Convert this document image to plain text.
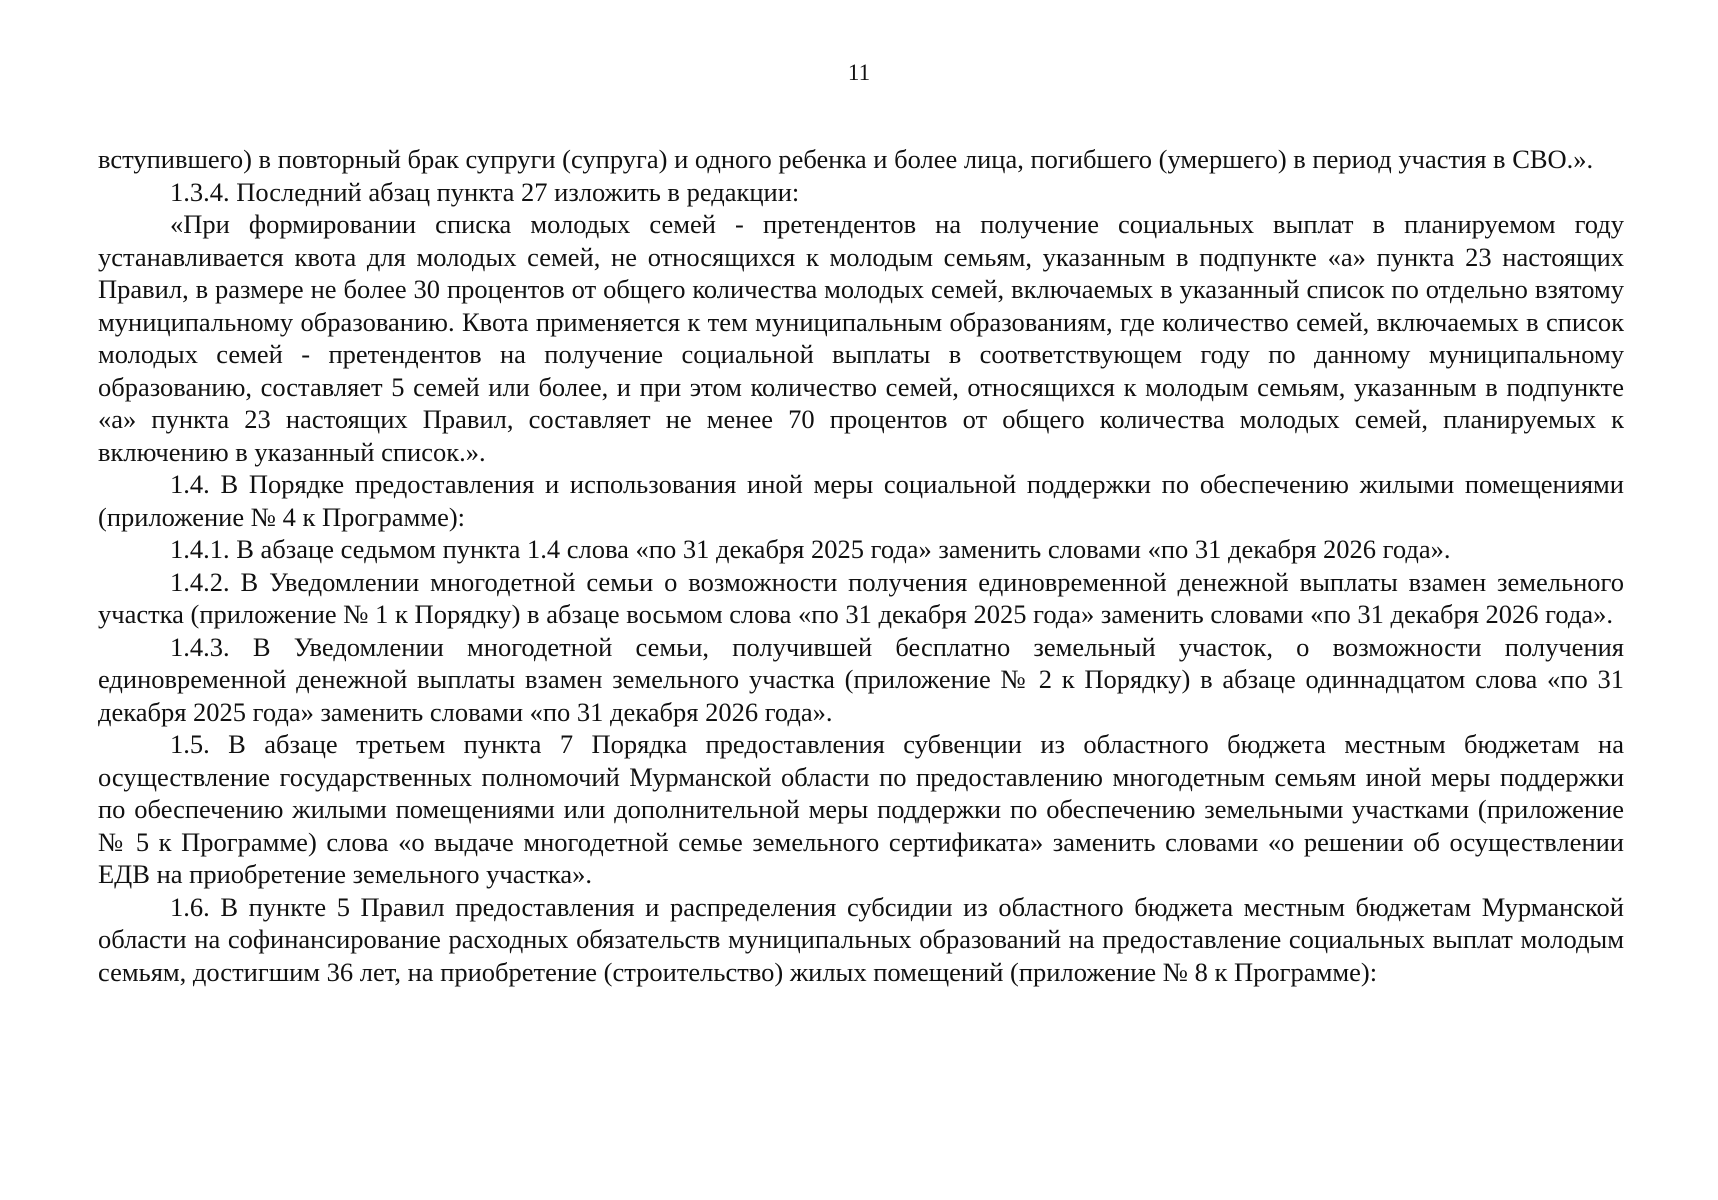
11

вступившего) в повторный брак супруги (супруга) и одного ребенка и более лица, погибшего (умершего) в период участия в СВО.».

1.3.4. Последний абзац пункта 27 изложить в редакции:

«При формировании списка молодых семей - претендентов на получение социальных выплат в планируемом году устанавливается квота для молодых семей, не относящихся к молодым семьям, указанным в подпункте «а» пункта 23 настоящих Правил, в размере не более 30 процентов от общего количества молодых семей, включаемых в указанный список по отдельно взятому муниципальному образованию. Квота применяется к тем муниципальным образованиям, где количество семей, включаемых в список молодых семей - претендентов на получение социальной выплаты в соответствующем году по данному муниципальному образованию, составляет 5 семей или более, и при этом количество семей, относящихся к молодым семьям, указанным в подпункте «а» пункта 23 настоящих Правил, составляет не менее 70 процентов от общего количества молодых семей, планируемых к включению в указанный список.».

1.4. В Порядке предоставления и использования иной меры социальной поддержки по обеспечению жилыми помещениями (приложение № 4 к Программе):

1.4.1. В абзаце седьмом пункта 1.4 слова «по 31 декабря 2025 года» заменить словами «по 31 декабря 2026 года».

1.4.2. В Уведомлении многодетной семьи о возможности получения единовременной денежной выплаты взамен земельного участка (приложение № 1 к Порядку) в абзаце восьмом слова «по 31 декабря 2025 года» заменить словами «по 31 декабря 2026 года».

1.4.3. В Уведомлении многодетной семьи, получившей бесплатно земельный участок, о возможности получения единовременной денежной выплаты взамен земельного участка (приложение № 2 к Порядку) в абзаце одиннадцатом слова «по 31 декабря 2025 года» заменить словами «по 31 декабря 2026 года».

1.5. В абзаце третьем пункта 7 Порядка предоставления субвенции из областного бюджета местным бюджетам на осуществление государственных полномочий Мурманской области по предоставлению многодетным семьям иной меры поддержки по обеспечению жилыми помещениями или дополнительной меры поддержки по обеспечению земельными участками (приложение № 5 к Программе) слова «о выдаче многодетной семье земельного сертификата» заменить словами «о решении об осуществлении ЕДВ на приобретение земельного участка».

1.6. В пункте 5 Правил предоставления и распределения субсидии из областного бюджета местным бюджетам Мурманской области на софинансирование расходных обязательств муниципальных образований на предоставление социальных выплат молодым семьям, достигшим 36 лет, на приобретение (строительство) жилых помещений (приложение № 8 к Программе):
